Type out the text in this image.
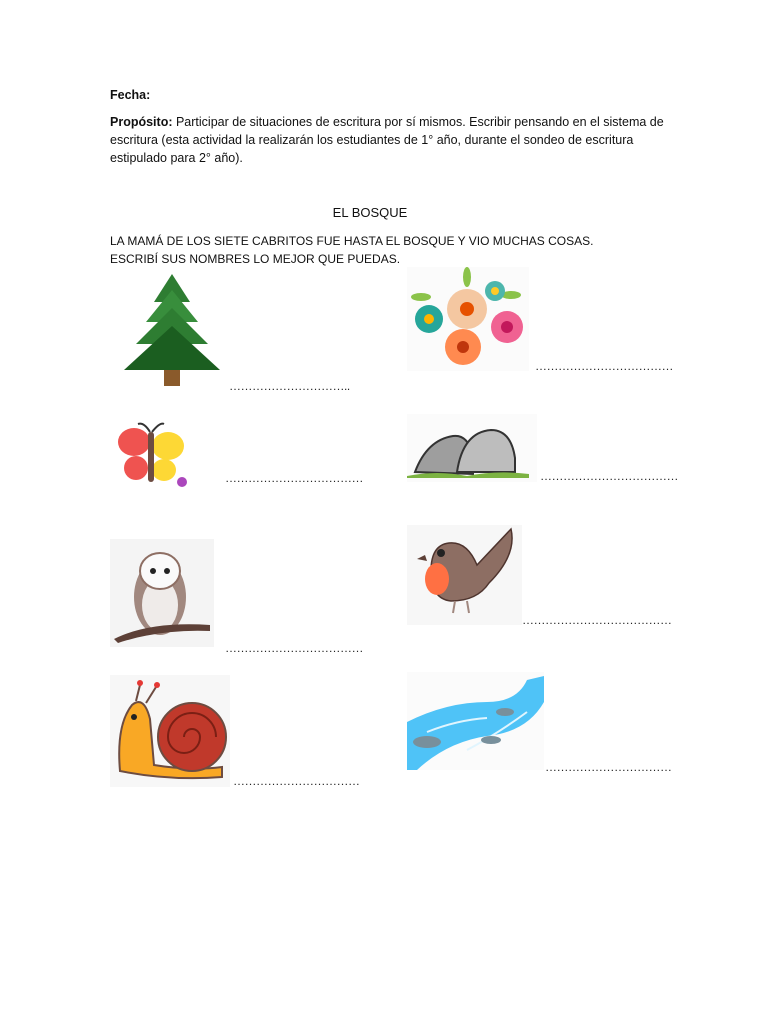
Fecha:
Propósito: Participar de situaciones de escritura por sí mismos. Escribir pensando en el sistema de escritura (esta actividad la realizarán los estudiantes de 1° año, durante el sondeo de escritura estipulado para 2° año).
EL BOSQUE
LA MAMÁ DE LOS SIETE CABRITOS FUE HASTA EL BOSQUE Y VIO MUCHAS COSAS.
ESCRIBÍ SUS NOMBRES LO MEJOR QUE PUEDAS.
…………………………..
………………………………
………………………………	………………………………
………………………………
…………………………………
……………………………
……………………………
